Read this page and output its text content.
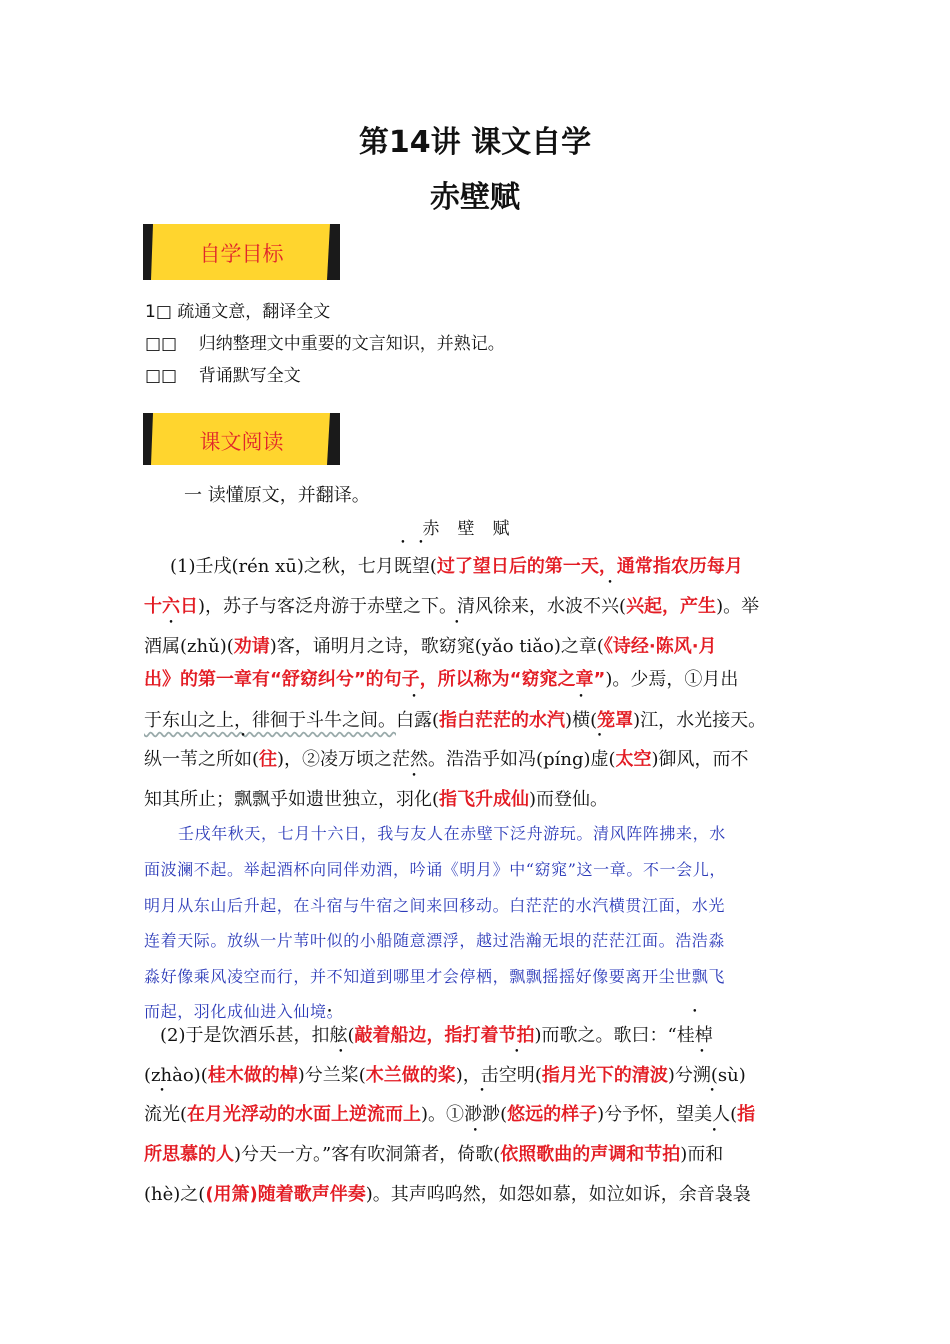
第14讲 课文自学
赤壁赋
自学目标
1□ 疏通文意，翻译全文
□□    归纳整理文中重要的文言知识，并熟记。
□□    背诵默写全文
课文阅读
一 读懂原文，并翻译。
赤壁赋
(1)壬戌(rén xū)之秋，七月既望(过了望日后的第一天，通常指农历每月
十六日)，苏子与客泛舟游于赤壁之下。清风徐来，水波不兴(兴起，产生)。举
酒属(zhǔ)(劝请)客，诵明月之诗，歌窈窕(yǎo tiǎo)之章(《诗经·陈风·月
出》的第一章有“舒窈纠兮”的句子，所以称为“窈窕之章”)。少焉，①月出
于东山之上，徘徊于斗牛之间。白露(指白茫茫的水汽)横(笼罩)江，水光接天。
纵一苇之所如(往)，②凌万顷之茫然。浩浩乎如冯(píng)虚(太空)御风，而不
知其所止；飘飘乎如遗世独立，羽化(指飞升成仙)而登仙。
壬戌年秋天，七月十六日，我与友人在赤壁下泛舟游玩。清风阵阵拂来，水
面波澜不起。举起酒杯向同伴劝酒，吟诵《明月》中“窈窕”这一章。不一会儿，
明月从东山后升起，在斗宿与牛宿之间来回移动。白茫茫的水汽横贯江面，水光
连着天际。放纵一片苇叶似的小船随意漂浮，越过浩瀚无垠的茫茫江面。浩浩淼
淼好像乘风凌空而行，并不知道到哪里才会停栖，飘飘摇摇好像要离开尘世飘飞
而起，羽化成仙进入仙境。
(2)于是饮酒乐甚，扣舷(敲着船边，指打着节拍)而歌之。歌曰：“桂棹
(zhào)(桂木做的棹)兮兰桨(木兰做的桨)，击空明(指月光下的清波)兮溯(sù)
流光(在月光浮动的水面上逆流而上)。①渺渺(悠远的样子)兮予怀，望美人(指
所思慕的人)兮天一方。”客有吹洞箫者，倚歌(依照歌曲的声调和节拍)而和
(hè)之((用箫)随着歌声伴奏)。其声呜呜然，如怨如慕，如泣如诉，余音袅袅
